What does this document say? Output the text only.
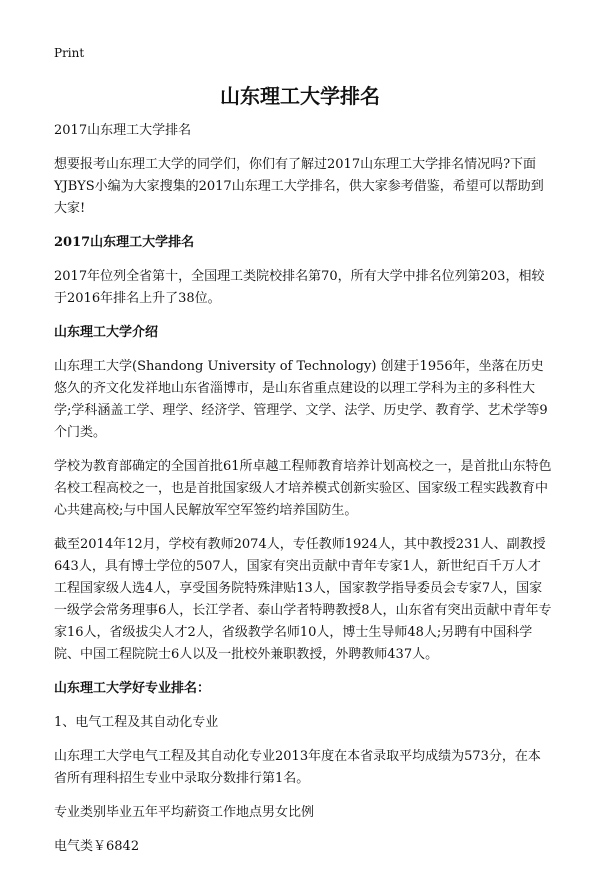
Print
山东理工大学排名

2017山东理工大学排名

想要报考山东理工大学的同学们，你们有了解过2017山东理工大学排名情况吗?下面YJBYS小编为大家搜集的2017山东理工大学排名，供大家参考借鉴，希望可以帮助到大家!

2017山东理工大学排名

2017年位列全省第十，全国理工类院校排名第70，所有大学中排名位列第203，相较于2016年排名上升了38位。

山东理工大学介绍

山东理工大学(Shandong University of Technology) 创建于1956年，坐落在历史悠久的齐文化发祥地山东省淄博市，是山东省重点建设的以理工学科为主的多科性大学;学科涵盖工学、理学、经济学、管理学、文学、法学、历史学、教育学、艺术学等9个门类。

学校为教育部确定的全国首批61所卓越工程师教育培养计划高校之一，是首批山东特色名校工程高校之一，也是首批国家级人才培养模式创新实验区、国家级工程实践教育中心共建高校;与中国人民解放军空军签约培养国防生。

截至2014年12月，学校有教师2074人，专任教师1924人，其中教授231人、副教授643人，具有博士学位的507人，国家有突出贡献中青年专家1人，新世纪百千万人才工程国家级人选4人，享受国务院特殊津贴13人，国家教学指导委员会专家7人，国家一级学会常务理事6人，长江学者、泰山学者特聘教授8人，山东省有突出贡献中青年专家16人，省级拔尖人才2人，省级教学名师10人，博士生导师48人;另聘有中国科学院、中国工程院院士6人以及一批校外兼职教授，外聘教师437人。

山东理工大学好专业排名：

1、电气工程及其自动化专业

山东理工大学电气工程及其自动化专业2013年度在本省录取平均成绩为573分，在本省所有理科招生专业中录取分数排行第1名。

专业类别毕业五年平均薪资工作地点男女比例

电气类￥6842
